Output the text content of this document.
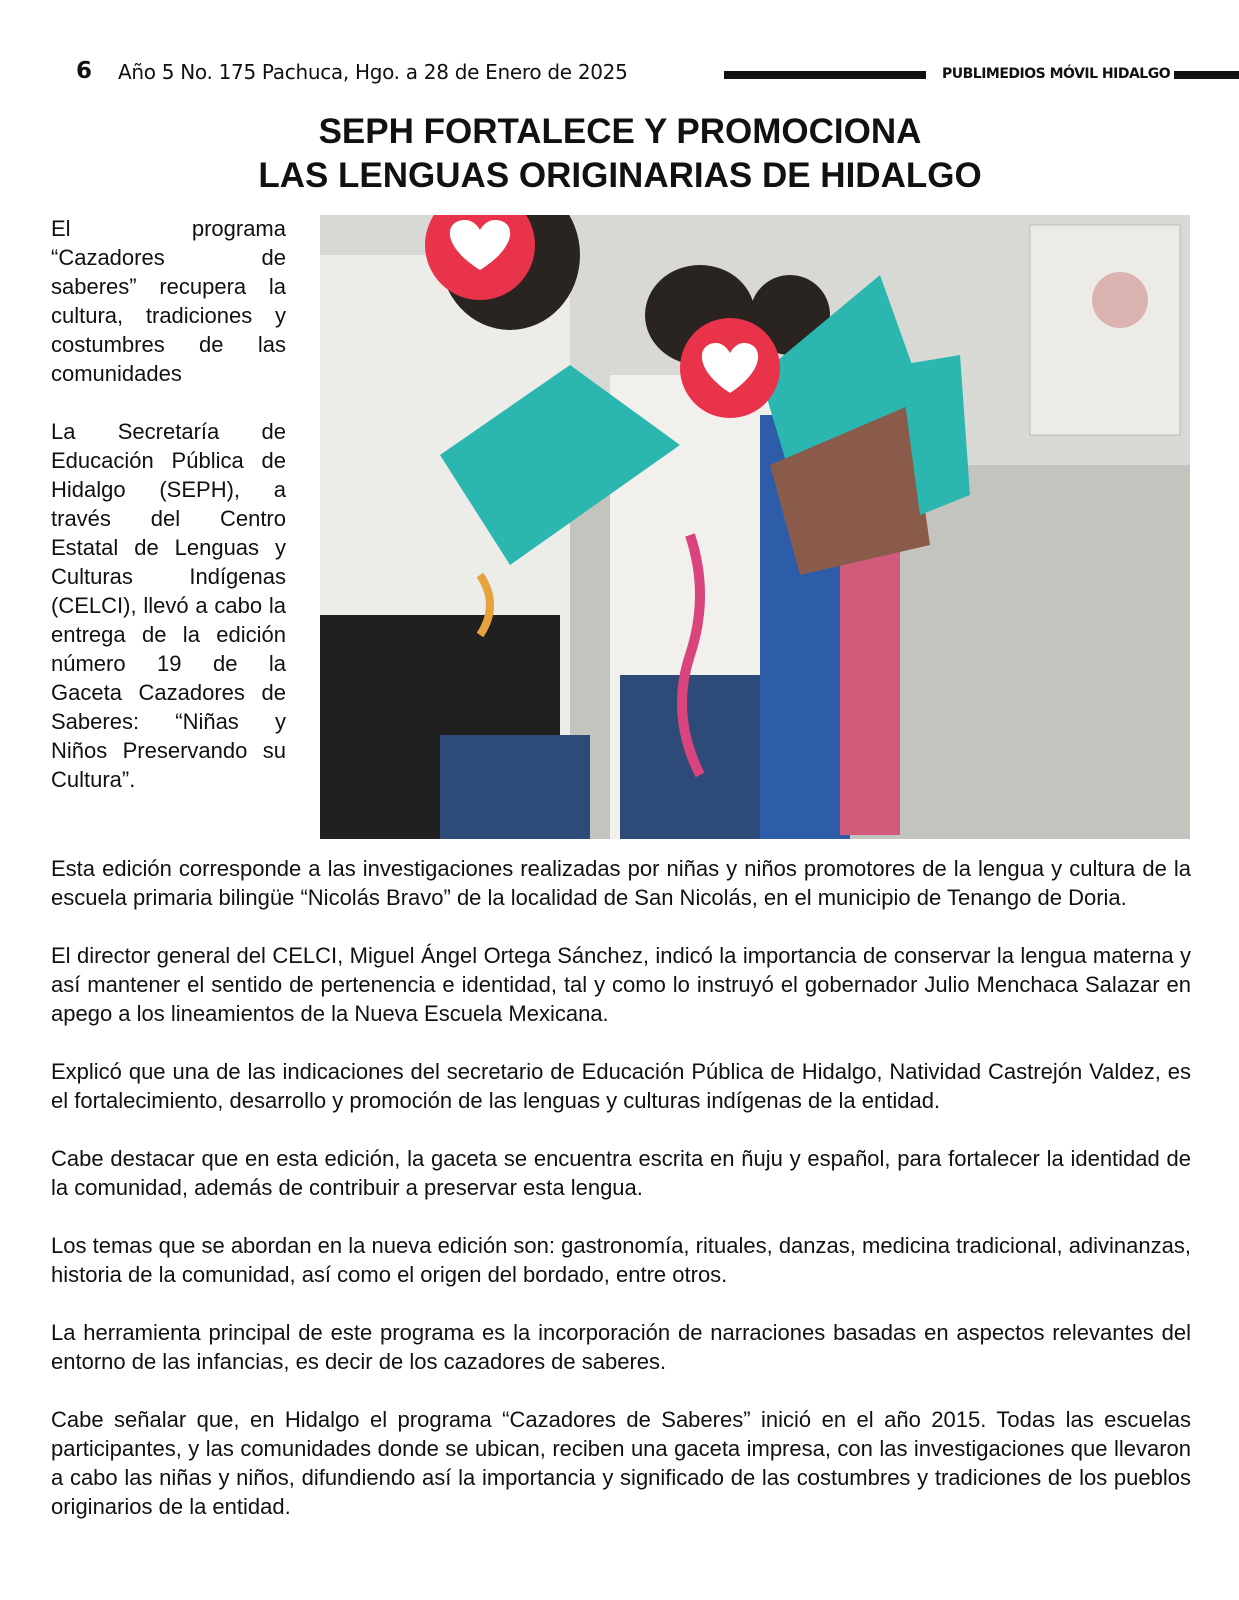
6 Año 5 No. 175 Pachuca, Hgo. a 28 de Enero de 2025	PUBLIMEDIOS MÓVIL HIDALGO
SEPH FORTALECE Y PROMOCIONA
LAS LENGUAS ORIGINARIAS DE HIDALGO

El programa “Cazadores de saberes” recupera la cultura, tradiciones y costumbres de las comunidades

La Secretaría de Educación Pública de Hidalgo (SEPH), a través del Centro Estatal de Lenguas y Culturas Indígenas (CELCI), llevó a cabo la entrega de la edición número 19 de la Gaceta Cazadores de Saberes: “Niñas y Niños Preservando su Cultura”.

Esta edición corresponde a las investigaciones realizadas por niñas y niños promotores de la lengua y cultura de la escuela primaria bilingüe “Nicolás Bravo” de la localidad de San Nicolás, en el municipio de Tenango de Doria.

El director general del CELCI, Miguel Ángel Ortega Sánchez, indicó la importancia de conservar la lengua materna y así mantener el sentido de pertenencia e identidad, tal y como lo instruyó el gobernador Julio Menchaca Salazar en apego a los lineamientos de la Nueva Escuela Mexicana.

Explicó que una de las indicaciones del secretario de Educación Pública de Hidalgo, Natividad Castrejón Valdez, es el fortalecimiento, desarrollo y promoción de las lenguas y culturas indígenas de la entidad.

Cabe destacar que en esta edición, la gaceta se encuentra escrita en ñuju y español, para fortalecer la identidad de la comunidad, además de contribuir a preservar esta lengua.

Los temas que se abordan en la nueva edición son: gastronomía, rituales, danzas, medicina tradicional, adivinanzas, historia de la comunidad, así como el origen del bordado, entre otros.

La herramienta principal de este programa es la incorporación de narraciones basadas en aspectos relevantes del entorno de las infancias, es decir de los cazadores de saberes.

Cabe señalar que, en Hidalgo el programa “Cazadores de Saberes” inició en el año 2015. Todas las escuelas participantes, y las comunidades donde se ubican, reciben una gaceta impresa, con las investigaciones que llevaron a cabo las niñas y niños, difundiendo así la importancia y significado de las costumbres y tradiciones de los pueblos originarios de la entidad.
